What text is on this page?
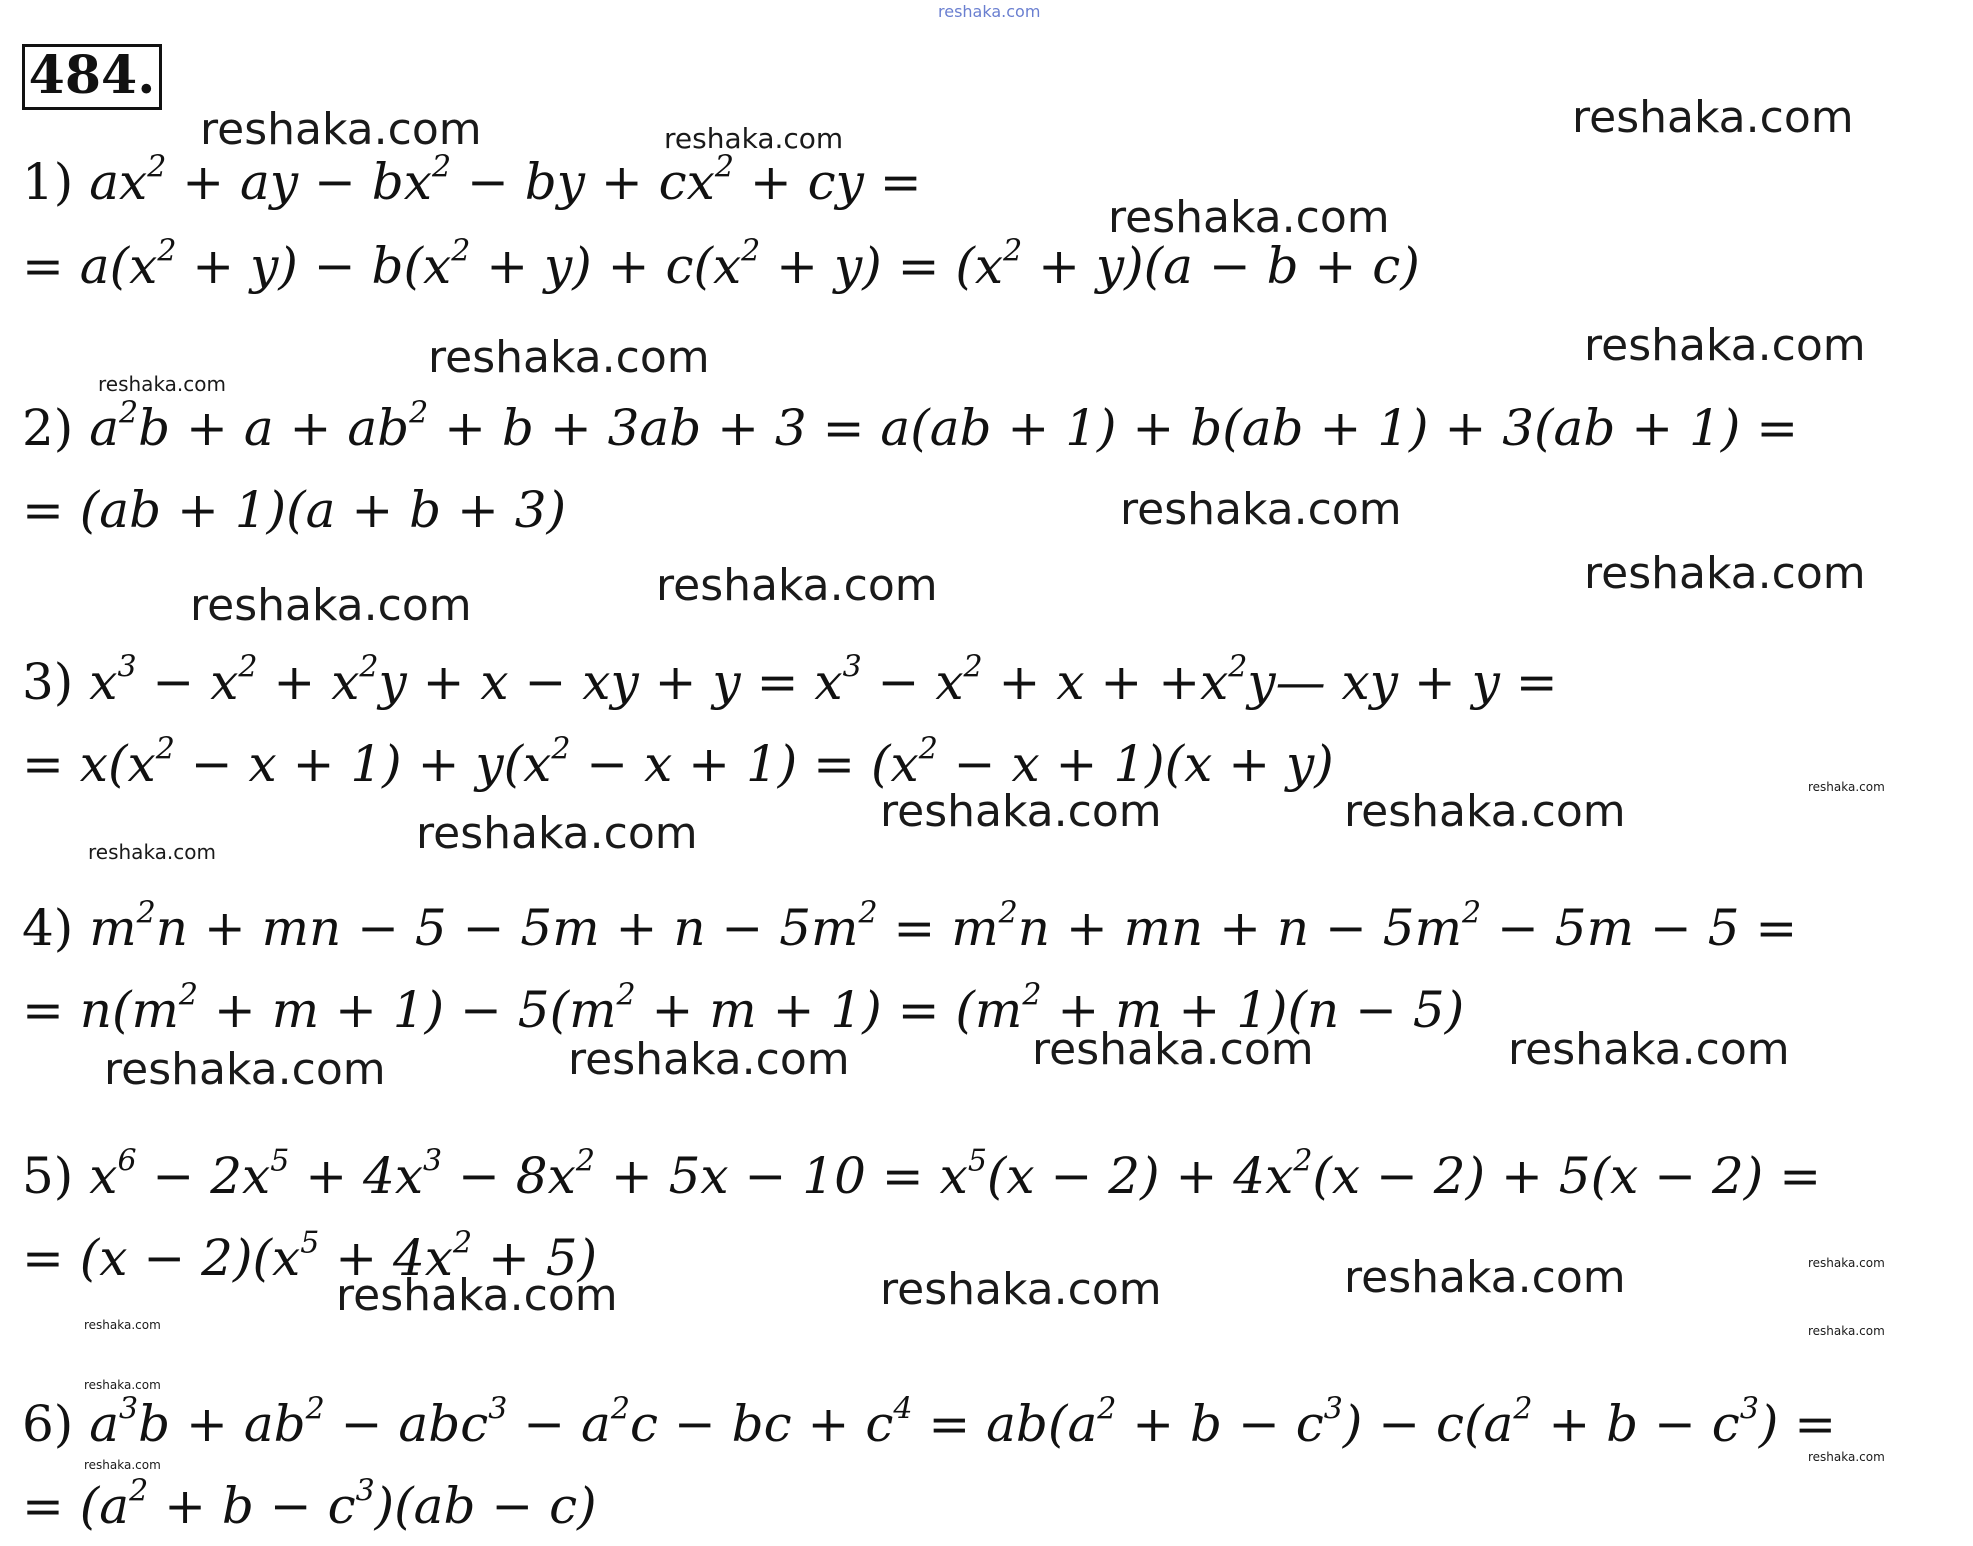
484.
1) $ax^2$ + ay − $bx^2$ − by + $cx^2$ + cy =
= $a(x^2 + y) - b(x^2 + y) + c(x^2 + y) = (x^2 + y)(a - b + c)$
2) $a^2b + a + ab^2 + b + 3ab + 3 = a(ab + 1) + b(ab + 1) + 3(ab + 1)$ =
= (ab + 1)(a + b + 3)
3) $x^3 - x^2 + x^2y + x$ − xy + $y = x^3 - x^2 + x$ + $+x^2y—$ xy + y =
= $x(x^2 - x + 1) + y(x^2 - x + 1) = (x^2 - x + 1)(x + y)$
4) $m^2n$ + mn − $5 - 5m + n - 5m^2 = m^2n$ + mn + $n - 5m^2 - 5m - 5$ =
= $n(m^2 + m + 1) - 5(m^2 + m + 1) = (m^2 + m + 1)(n - 5)$
5) $x^6 - 2x^5 + 4x^3 - 8x^2 + 5x - 10 = x^5(x - 2) + 4x^2(x - 2) + 5(x - 2)$ =
= $(x - 2)(x^5 + 4x^2 + 5)$
6) $a^3b + ab^2 - abc^3 - a^2c$ − bc + $c^4 = ab(a^2 + b - c^3) - c(a^2 + b - c^3)$ =
= $(a^2 + b - c^3)(ab - c)$
reshaka.com
reshaka.com	reshaka.com	reshaka.com
reshaka.com
reshaka.com	reshaka.com
reshaka.com
reshaka.com
reshaka.com	reshaka.com
reshaka.com
reshaka.com
reshaka.com	reshaka.com
reshaka.com
reshaka.com
reshaka.com	reshaka.com
reshaka.com
reshaka.com
reshaka.com
reshaka.com
reshaka.com
reshaka.com
reshaka.com	reshaka.com
reshaka.com
reshaka.com
reshaka.com
